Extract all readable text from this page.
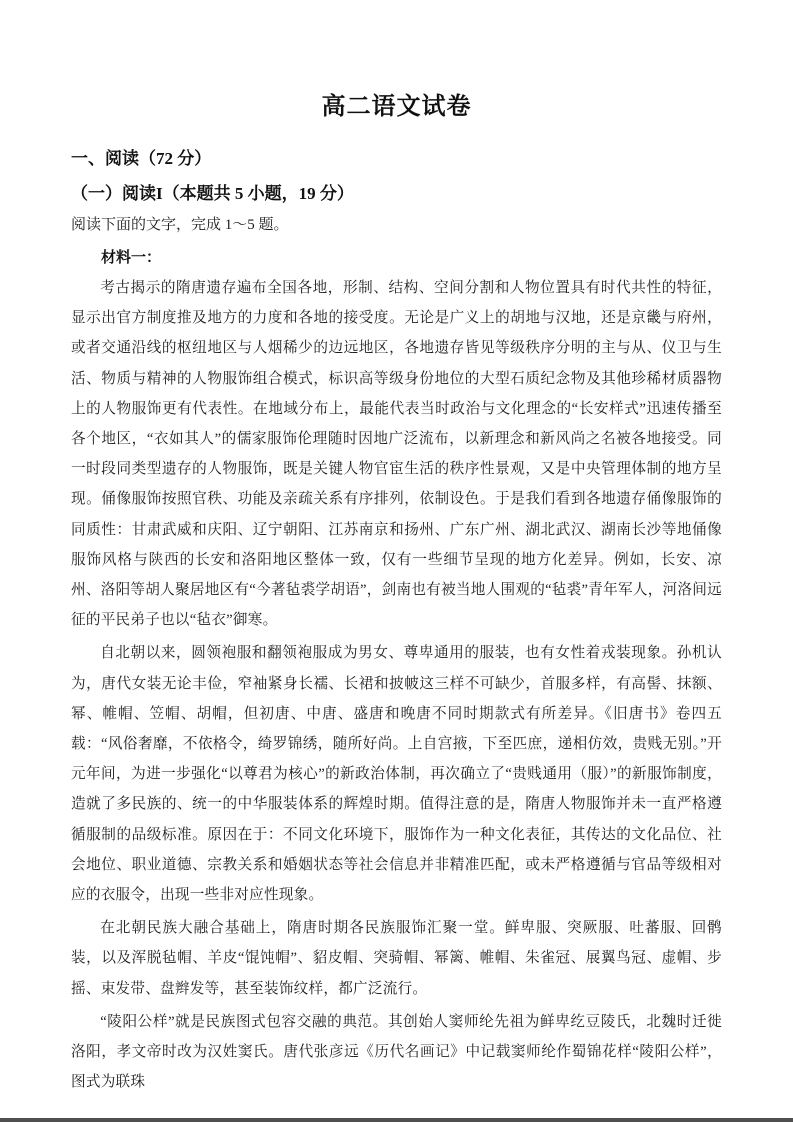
高二语文试卷
一、阅读（72 分）
（一）阅读I（本题共 5 小题，19 分）

阅读下面的文字，完成 1～5 题。

材料一：

考古揭示的隋唐遗存遍布全国各地，形制、结构、空间分割和人物位置具有时代共性的特征，显示出官方制度推及地方的力度和各地的接受度。无论是广义上的胡地与汉地，还是京畿与府州，或者交通沿线的枢纽地区与人烟稀少的边远地区，各地遗存皆见等级秩序分明的主与从、仪卫与生活、物质与精神的人物服饰组合模式，标识高等级身份地位的大型石质纪念物及其他珍稀材质器物上的人物服饰更有代表性。在地域分布上，最能代表当时政治与文化理念的“长安样式”迅速传播至各个地区，“衣如其人”的儒家服饰伦理随时因地广泛流布，以新理念和新风尚之名被各地接受。同一时段同类型遗存的人物服饰，既是关键人物官宦生活的秩序性景观，又是中央管理体制的地方呈现。俑像服饰按照官秩、功能及亲疏关系有序排列，依制设色。于是我们看到各地遗存俑像服饰的同质性：甘肃武威和庆阳、辽宁朝阳、江苏南京和扬州、广东广州、湖北武汉、湖南长沙等地俑像服饰风格与陕西的长安和洛阳地区整体一致，仅有一些细节呈现的地方化差异。例如，长安、凉州、洛阳等胡人聚居地区有“今著毡裘学胡语”，剑南也有被当地人围观的“毡裘”青年军人，河洛间远征的平民弟子也以“毡衣”御寒。

自北朝以来，圆领袍服和翻领袍服成为男女、尊卑通用的服装，也有女性着戎装现象。孙机认为，唐代女装无论丰俭，窄袖紧身长襦、长裙和披帔这三样不可缺少，首服多样，有高髻、抹额、幂、帷帽、笠帽、胡帽，但初唐、中唐、盛唐和晚唐不同时期款式有所差异。《旧唐书》卷四五载：“风俗奢靡，不依格令，绮罗锦绣，随所好尚。上自宫掖，下至匹庶，递相仿效，贵贱无别。”开元年间，为进一步强化“以尊君为核心”的新政治体制，再次确立了“贵贱通用（服）”的新服饰制度，造就了多民族的、统一的中华服装体系的辉煌时期。值得注意的是，隋唐人物服饰并未一直严格遵循服制的品级标准。原因在于：不同文化环境下，服饰作为一种文化表征，其传达的文化品位、社会地位、职业道德、宗教关系和婚姻状态等社会信息并非精准匹配，或未严格遵循与官品等级相对应的衣服令，出现一些非对应性现象。

在北朝民族大融合基础上，隋唐时期各民族服饰汇聚一堂。鲜卑服、突厥服、吐蕃服、回鹘装，以及浑脱毡帽、羊皮“馄饨帽”、貂皮帽、突骑帽、幂篱、帷帽、朱雀冠、展翼鸟冠、虚帽、步摇、束发带、盘辫发等，甚至装饰纹样，都广泛流行。

“陵阳公样”就是民族图式包容交融的典范。其创始人窦师纶先祖为鲜卑纥豆陵氏，北魏时迁徙洛阳，孝文帝时改为汉姓窦氏。唐代张彦远《历代名画记》中记载窦师纶作蜀锦花样“陵阳公样”，图式为联珠
